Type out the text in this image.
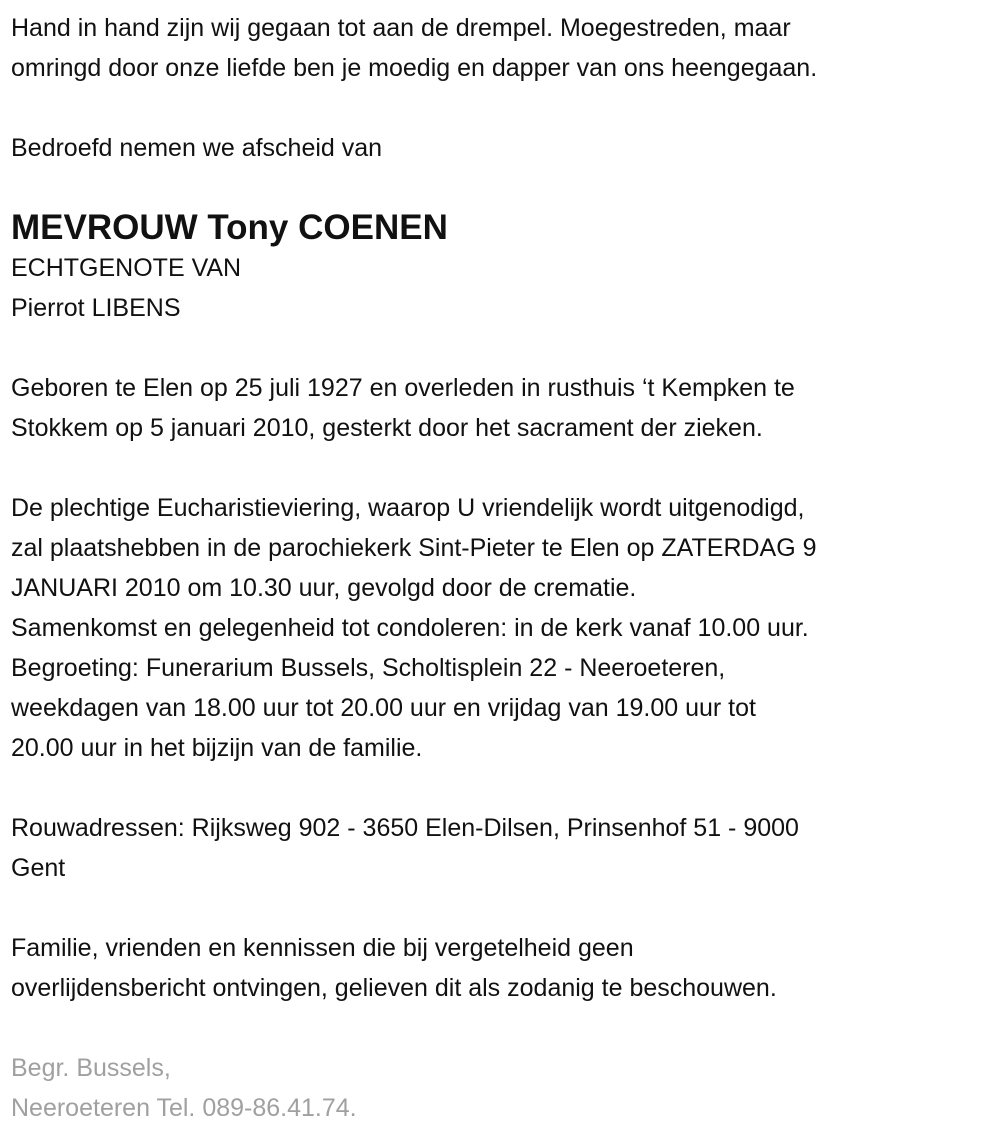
Hand in hand zijn wij gegaan tot aan de drempel. Moegestreden, maar
omringd door onze liefde ben je moedig en dapper van ons heengegaan.
Bedroefd nemen we afscheid van
MEVROUW Tony COENEN
ECHTGENOTE VAN
Pierrot LIBENS
Geboren te Elen op 25 juli 1927 en overleden in rusthuis ‘t Kempken te
Stokkem op 5 januari 2010, gesterkt door het sacrament der zieken.
De plechtige Eucharistieviering, waarop U vriendelijk wordt uitgenodigd,
zal plaatshebben in de parochiekerk Sint-Pieter te Elen op ZATERDAG 9
JANUARI 2010 om 10.30 uur, gevolgd door de crematie.
Samenkomst en gelegenheid tot condoleren: in de kerk vanaf 10.00 uur.
Begroeting: Funerarium Bussels, Scholtisplein 22 - Neeroeteren,
weekdagen van 18.00 uur tot 20.00 uur en vrijdag van 19.00 uur tot
20.00 uur in het bijzijn van de familie.
Rouwadressen: Rijksweg 902 - 3650 Elen-Dilsen, Prinsenhof 51 - 9000
Gent
Familie, vrienden en kennissen die bij vergetelheid geen
overlijdensbericht ontvingen, gelieven dit als zodanig te beschouwen.
Begr. Bussels,
Neeroeteren Tel. 089-86.41.74.
